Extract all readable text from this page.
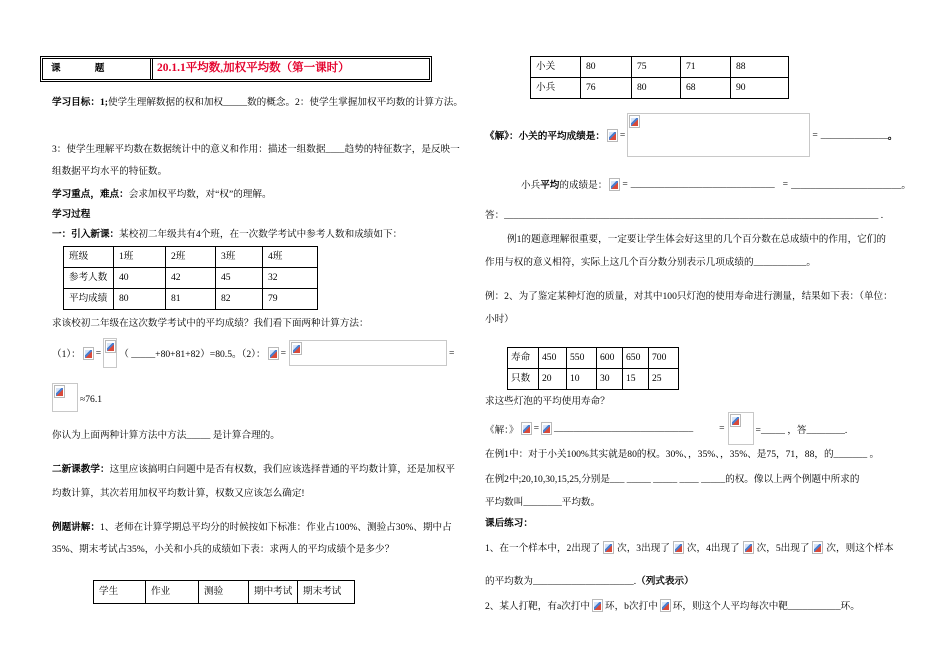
课　　题	20.1.1平均数,加权平均数（第一课时）
学习目标：1;使学生理解数据的权和加权_____数的概念。2：使学生掌握加权平均数的计算方法。
3：使学生理解平均数在数据统计中的意义和作用：描述一组数据____趋势的特征数字，是反映一
组数据平均水平的特征数。
学习重点，难点：会求加权平均数，对“权”的理解。
学习过程
一：引入新课：某校初二年级共有4个班，在一次数学考试中参考人数和成绩如下：
班级	1班	2班	3班	4班
参考人数	40	42	45	32
平均成绩	80	81	82	79
求该校初二年级在这次数学考试中的平均成绩？我们看下面两种计算方法：
（1）： = （ _____+80+81+82）=80.5。（2）： =	=
≈76.1
你认为上面两种计算方法中方法_____ 是计算合理的。
二新课教学：这里应该搞明白问题中是否有权数，我们应该选择普通的平均数计算，还是加权平
均数计算，其次若用加权平均数计算，权数又应该怎么确定!
例题讲解：1、老师在计算学期总平均分的时候按如下标准：作业占100%、测验占30%、期中占
35%、期末考试占35%，小关和小兵的成绩如下表：求两人的平均成绩个是多少？
学生	作业	测验	期中考试	期末考试
小关	80	75	71	88
小兵	76	80	68	90
《解》：小关的平均成绩是： =	= ______________ 。
小兵 平均 的成绩是： = ______________________________ = _______________________。
答：______________________________________________________________________________ .
例1的题意理解很重要，一定要让学生体会好这里的几个百分数在总成绩中的作用，它们的
作用与权的意义相符，实际上这几个百分数分别表示几项成绩的___________。
例：2、为了鉴定某种灯泡的质量，对其中100只灯泡的使用寿命进行测量，结果如下表：（单位：
小时）
寿命	450	550	600	650	700
只数	20	10	30	15	25
求这些灯泡的平均使用寿命？
《解：》 = _____________________________	=	=_____ ，答________.
在例1中：对于小关100%其实就是80的权。30%、，35%、，35%、是75，71，88，的_______ 。
在例2中;20,10,30,15,25,分别是___ _____ _____ ____ _____的权。像以上两个例题中所求的
平均数叫________平均数。
课后练习：
1、在一个样本中，2出现了 次，3出现了 次，4出现了 次，5出现了 次，则这个样本
的平均数为_____________________.（列式表示）
2、某人打靶，有a次打中 环，b次打中 环，则这个人平均每次中靶___________环。
